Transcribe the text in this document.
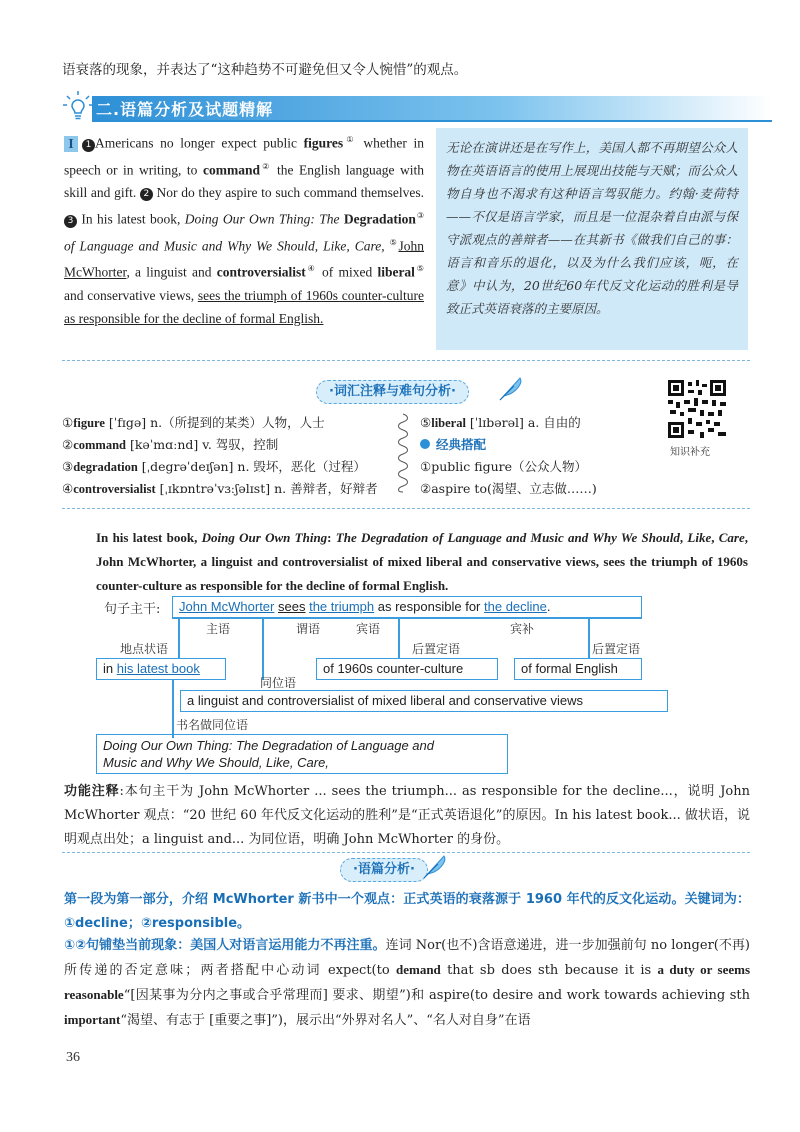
语衰落的现象，并表达了“这种趋势不可避免但又令人惋惜”的观点。
二.语篇分析及试题精解
I 1 Americans no longer expect public figures① whether in speech or in writing, to command② the English language with skill and gift. 2 Nor do they aspire to such command themselves. 3 In his latest book, Doing Our Own Thing: The Degradation③ of Language and Music and Why We Should, Like, Care, ⑤John McWhorter, a linguist and controversialist④ of mixed liberal⑤ and conservative views, sees the triumph of 1960s counter-culture as responsible for the decline of formal English.
无论在演讲还是在写作上，美国人都不再期望公众人物在英语语言的使用上展现出技能与天赋；而公众人物自身也不渴求有这种语言驾驭能力。约翰·麦荷特——不仅是语言学家，而且是一位混杂着自由派与保守派观点的善辩者——在其新书《做我们自己的事：语言和音乐的退化，以及为什么我们应该，呃，在意》中认为，20世纪60年代反文化运动的胜利是导致正式英语衰落的主要原因。
·词汇注释与难句分析·
知识补充
①figure [ˈfɪgə] n.（所提到的某类）人物，人士
②command [kəˈmɑːnd] v. 驾驭，控制
③degradation [ˌdegrəˈdeɪʃən] n. 毁坏，恶化（过程）
④controversialist [ˌɪkɒntrəˈvɜːʃəlɪst] n. 善辩者，好辩者
⑤liberal [ˈlɪbərəl] a. 自由的
经典搭配
①public figure（公众人物）
②aspire to(渴望、立志做……)
In his latest book, Doing Our Own Thing: The Degradation of Language and Music and Why We Should, Like, Care, John McWhorter, a linguist and controversialist of mixed liberal and conservative views, sees the triumph of 1960s counter-culture as responsible for the decline of formal English.
句子主干:	John McWhorter sees the triumph as responsible for the decline.
主语	谓语	宾语	宾补
地点状语
in his latest book
后置定语
of 1960s counter-culture
后置定语
of formal English
同位语
a linguist and controversialist of mixed liberal and conservative views
书名做同位语
Doing Our Own Thing: The Degradation of Language and
Music and Why We Should, Like, Care,
功能注释:本句主干为 John McWhorter ... sees the triumph... as responsible for the decline...，说明 John McWhorter 观点：“20 世纪 60 年代反文化运动的胜利”是“正式英语退化”的原因。In his latest book... 做状语，说明观点出处；a linguist and... 为同位语，明确 John McWhorter 的身份。
·语篇分析·
第一段为第一部分，介绍 McWhorter 新书中一个观点：正式英语的衰落源于 1960 年代的反文化运动。关键词为：①decline；②responsible。
①②句铺垫当前现象：美国人对语言运用能力不再注重。连词 Nor(也不)含语意递进，进一步加强前句 no longer(不再)所传递的否定意味；两者搭配中心动词 expect(to demand that sb does sth because it is a duty or seems reasonable“[因某事为分内之事或合乎常理而] 要求、期望”)和 aspire(to desire and work towards achieving sth important“渴望、有志于 [重要之事]”)，展示出“外界对名人”、“名人对自身”在语
36
